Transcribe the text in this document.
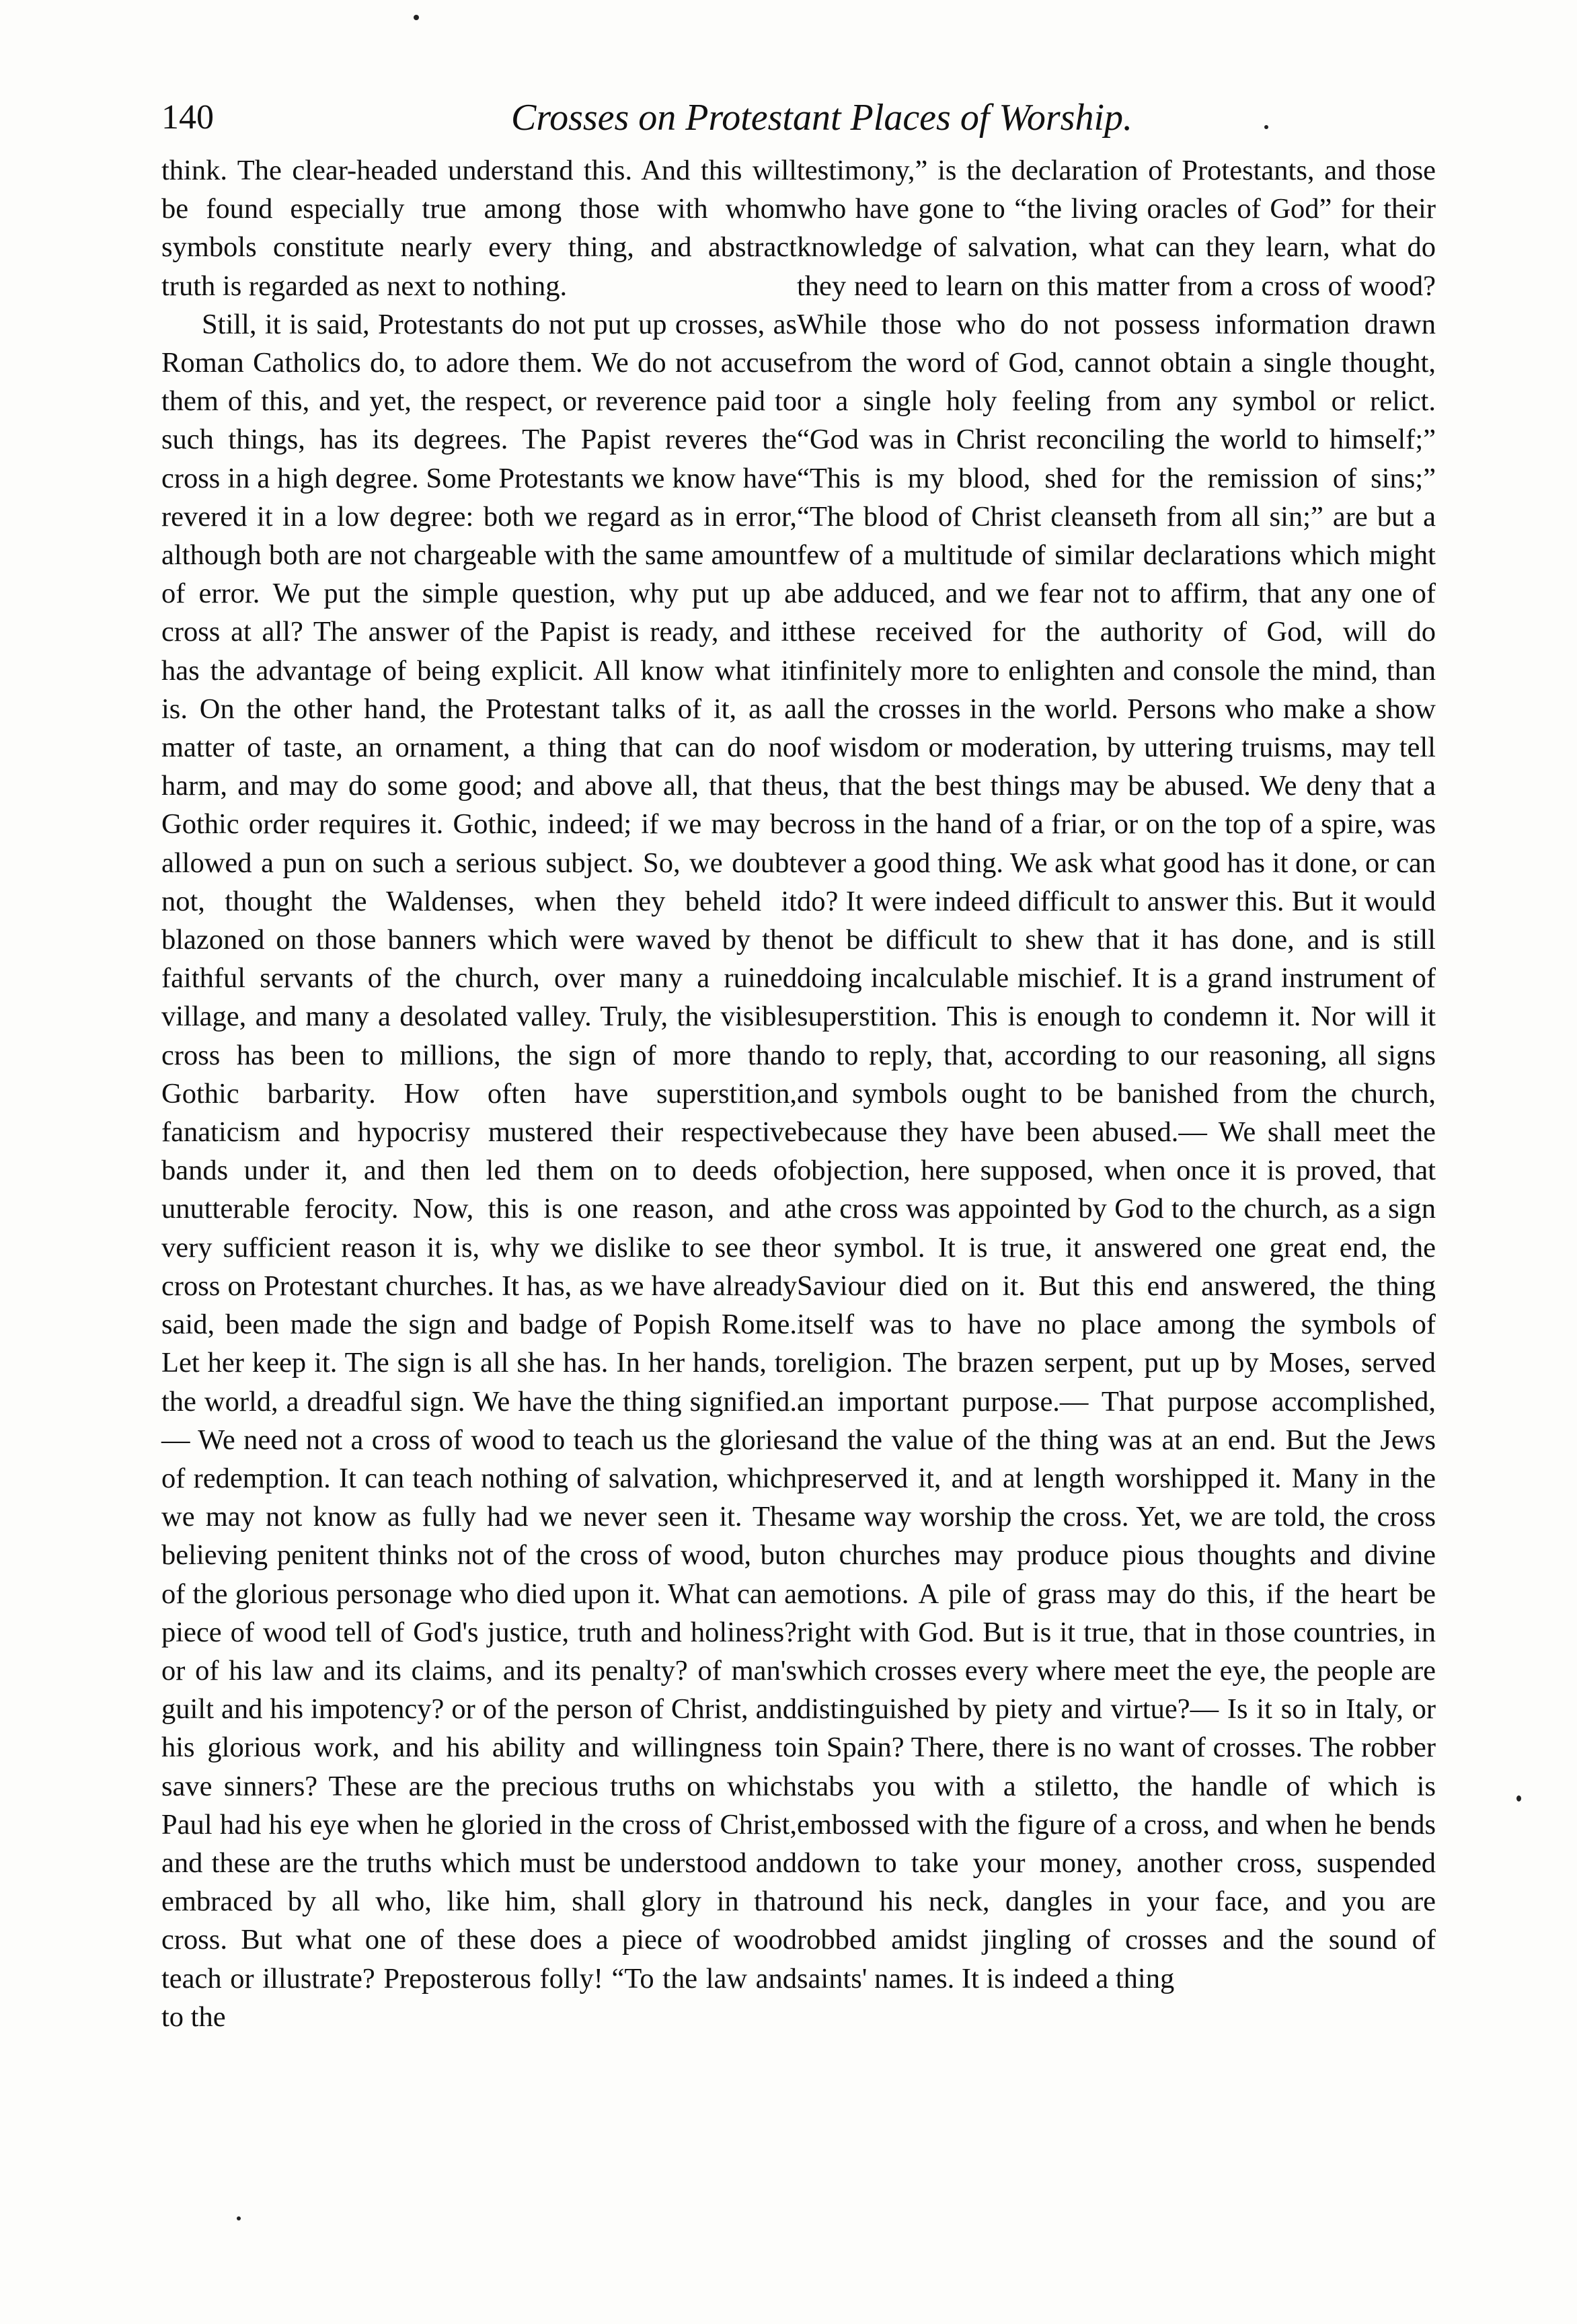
140	Crosses on Protestant Places of Worship.

think. The clear-headed understand this. And this will be found especially true among those with whom symbols constitute nearly every thing, and abstract truth is regarded as next to nothing.

Still, it is said, Protestants do not put up crosses, as Roman Catholics do, to adore them. We do not accuse them of this, and yet, the respect, or reverence paid to such things, has its degrees. The Papist reveres the cross in a high degree. Some Protestants we know have revered it in a low degree: both we regard as in error, although both are not chargeable with the same amount of error. We put the simple question, why put up a cross at all? The answer of the Papist is ready, and it has the advantage of being explicit. All know what it is. On the other hand, the Protestant talks of it, as a matter of taste, an ornament, a thing that can do no harm, and may do some good; and above all, that the Gothic order requires it. Gothic, indeed; if we may be allowed a pun on such a serious subject. So, we doubt not, thought the Waldenses, when they beheld it blazoned on those banners which were waved by the faithful servants of the church, over many a ruined village, and many a desolated valley. Truly, the visible cross has been to millions, the sign of more than Gothic barbarity. How often have superstition, fanaticism and hypocrisy mustered their respective bands under it, and then led them on to deeds of unutterable ferocity. Now, this is one reason, and a very sufficient reason it is, why we dislike to see the cross on Protestant churches. It has, as we have already said, been made the sign and badge of Popish Rome. Let her keep it. The sign is all she has. In her hands, to the world, a dreadful sign. We have the thing signified.— We need not a cross of wood to teach us the glories of redemption. It can teach nothing of salvation, which we may not know as fully had we never seen it. The believing penitent thinks not of the cross of wood, but of the glorious personage who died upon it. What can a piece of wood tell of God's justice, truth and holiness? or of his law and its claims, and its penalty? of man's guilt and his impotency? or of the person of Christ, and his glorious work, and his ability and willingness to save sinners? These are the precious truths on which Paul had his eye when he gloried in the cross of Christ, and these are the truths which must be understood and embraced by all who, like him, shall glory in that cross. But what one of these does a piece of wood teach or illustrate? Preposterous folly! “To the law and to the

testimony,” is the declaration of Protestants, and those who have gone to “the living oracles of God” for their knowledge of salvation, what can they learn, what do they need to learn on this matter from a cross of wood? While those who do not possess information drawn from the word of God, cannot obtain a single thought, or a single holy feeling from any symbol or relict. “God was in Christ reconciling the world to himself;” “This is my blood, shed for the remission of sins;” “The blood of Christ cleanseth from all sin;” are but a few of a multitude of similar declarations which might be adduced, and we fear not to affirm, that any one of these received for the authority of God, will do infinitely more to enlighten and console the mind, than all the crosses in the world. Persons who make a show of wisdom or moderation, by uttering truisms, may tell us, that the best things may be abused. We deny that a cross in the hand of a friar, or on the top of a spire, was ever a good thing. We ask what good has it done, or can do? It were indeed difficult to answer this. But it would not be difficult to shew that it has done, and is still doing incalculable mischief. It is a grand instrument of superstition. This is enough to condemn it. Nor will it do to reply, that, according to our reasoning, all signs and symbols ought to be banished from the church, because they have been abused.— We shall meet the objection, here supposed, when once it is proved, that the cross was appointed by God to the church, as a sign or symbol. It is true, it answered one great end, the Saviour died on it. But this end answered, the thing itself was to have no place among the symbols of religion. The brazen serpent, put up by Moses, served an important purpose.— That purpose accomplished, and the value of the thing was at an end. But the Jews preserved it, and at length worshipped it. Many in the same way worship the cross. Yet, we are told, the cross on churches may produce pious thoughts and divine emotions. A pile of grass may do this, if the heart be right with God. But is it true, that in those countries, in which crosses every where meet the eye, the people are distinguished by piety and virtue?— Is it so in Italy, or in Spain? There, there is no want of crosses. The robber stabs you with a stiletto, the handle of which is embossed with the figure of a cross, and when he bends down to take your money, another cross, suspended round his neck, dangles in your face, and you are robbed amidst jingling of crosses and the sound of saints' names. It is indeed a thing
